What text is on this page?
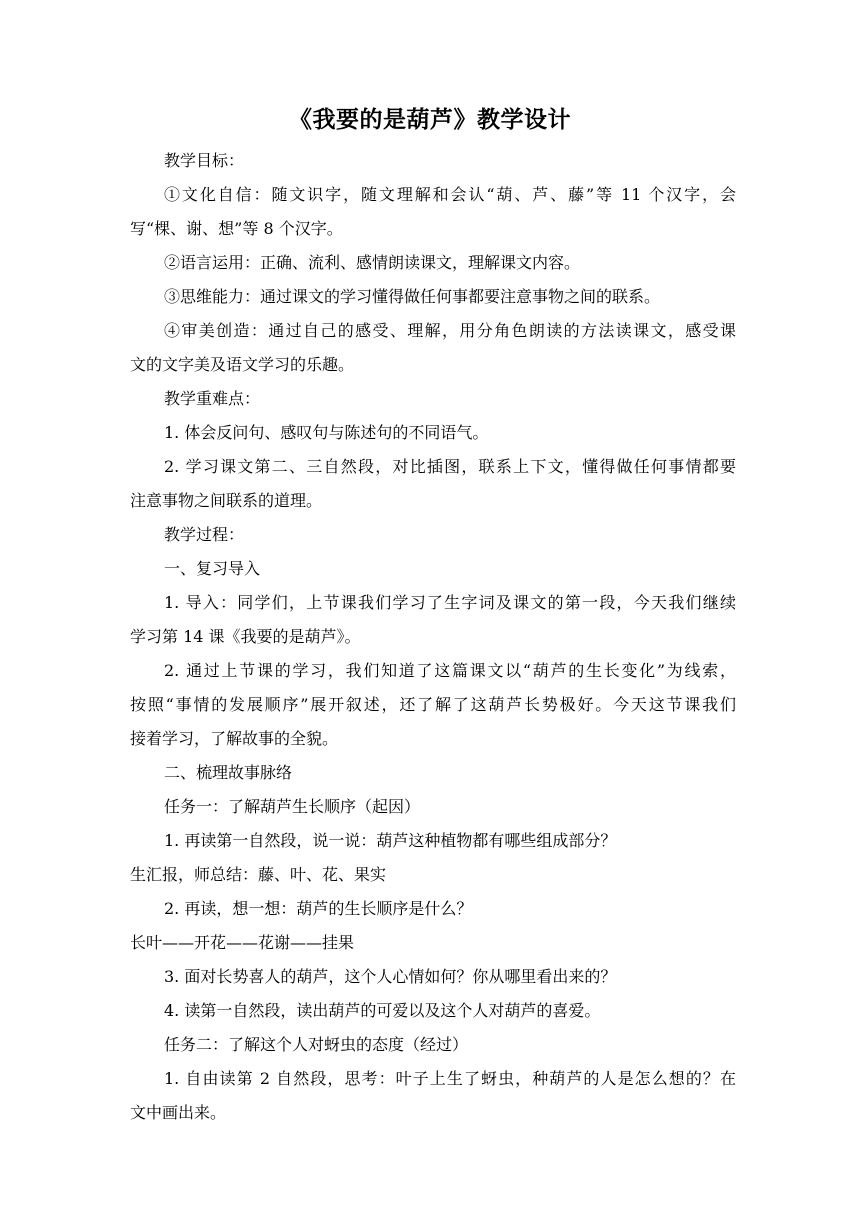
《我要的是葫芦》教学设计
教学目标：
①文化自信：随文识字，随文理解和会认“葫、芦、藤”等 11 个汉字，会
写“棵、谢、想”等 8 个汉字。
②语言运用：正确、流利、感情朗读课文，理解课文内容。
③思维能力：通过课文的学习懂得做任何事都要注意事物之间的联系。
④审美创造：通过自己的感受、理解，用分角色朗读的方法读课文，感受课
文的文字美及语文学习的乐趣。
教学重难点：
1. 体会反问句、感叹句与陈述句的不同语气。
2. 学习课文第二、三自然段，对比插图，联系上下文，懂得做任何事情都要
注意事物之间联系的道理。
教学过程：
一、复习导入
1. 导入：同学们，上节课我们学习了生字词及课文的第一段，今天我们继续
学习第 14 课《我要的是葫芦》。
2. 通过上节课的学习，我们知道了这篇课文以“葫芦的生长变化”为线索，
按照“事情的发展顺序”展开叙述，还了解了这葫芦长势极好。今天这节课我们
接着学习，了解故事的全貌。
二、梳理故事脉络
任务一：了解葫芦生长顺序（起因）
1. 再读第一自然段，说一说：葫芦这种植物都有哪些组成部分？
生汇报，师总结：藤、叶、花、果实
2. 再读，想一想：葫芦的生长顺序是什么？
长叶——开花——花谢——挂果
3. 面对长势喜人的葫芦，这个人心情如何？你从哪里看出来的？
4. 读第一自然段，读出葫芦的可爱以及这个人对葫芦的喜爱。
任务二：了解这个人对蚜虫的态度（经过）
1. 自由读第 2 自然段，思考：叶子上生了蚜虫，种葫芦的人是怎么想的？在
文中画出来。
